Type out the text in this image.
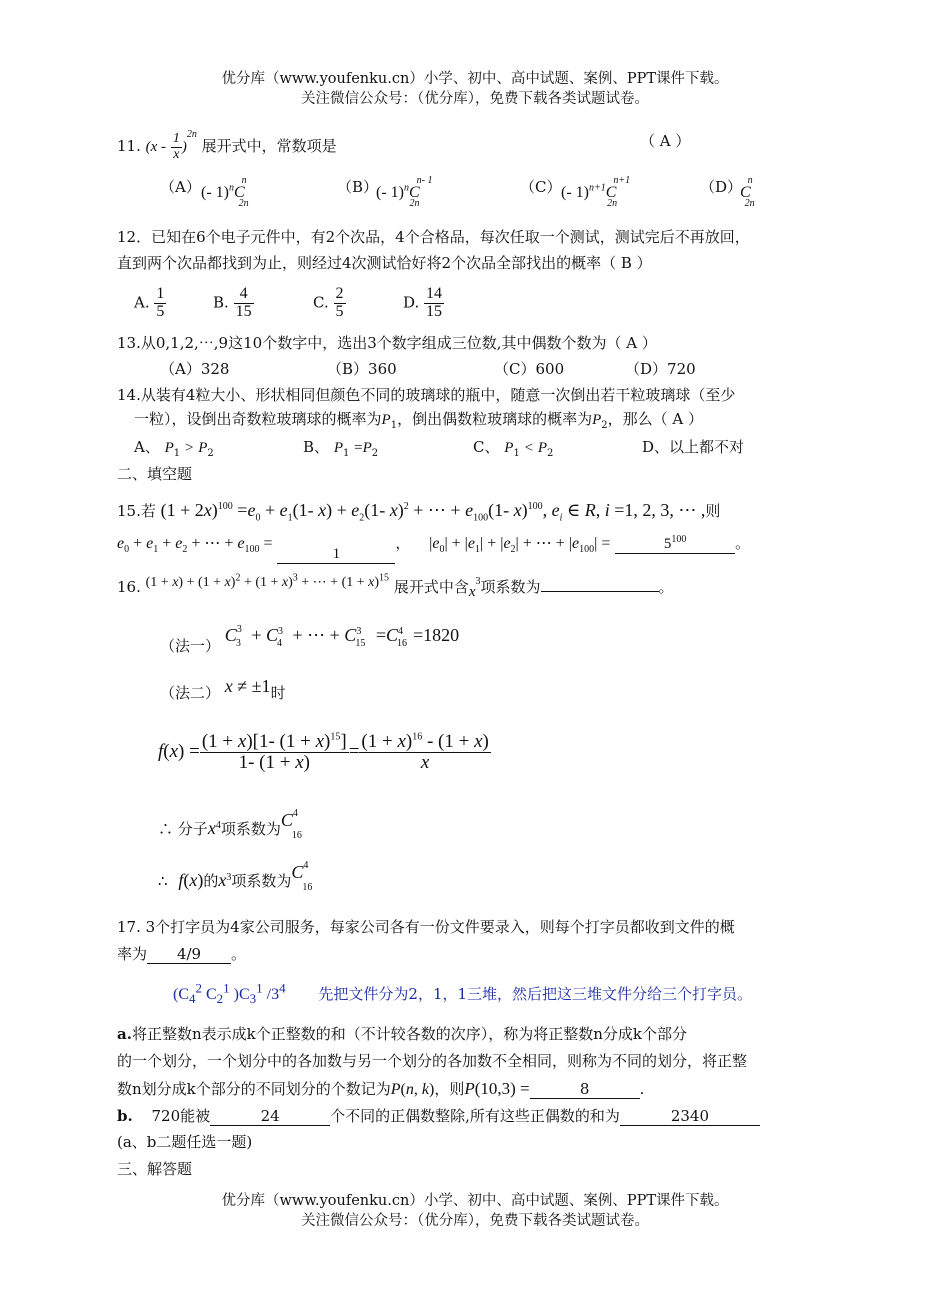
优分库（www.youfenku.cn）小学、初中、高中试题、案例、PPT课件下载。
关注微信公众号：（优分库），免费下载各类试题试卷。
11. $(x - \frac{1}{x} )^{2n}$ 展开式中，常数项是	（ A ）
（A） (- $1)^nC^n_{2n}$
（B）
(- $1)^nC^{n- 1}_{2n}$
（C） (- $1)^{n+1}C^{n+1}_{2n}$
（D）
$C^n_{2n}$
12．已知在6个电子元件中，有2个次品，4个合格品，每次任取一个测试，测试完后不再放回，
直到两个次品都找到为止，则经过4次测试恰好将2个次品全部找出的概率（ B ）
A. $\frac{1}{5}$	B. $\frac{4}{15}$	C. $\frac{2}{5}$	D. $\frac{14}{15}$
13.从0,1,2,⋯,9这10个数字中，选出3个数字组成三位数,其中偶数个数为（ A ）
（A）328	（B）360	（C）600	（D）720
14.从装有4粒大小、形状相同但颜色不同的玻璃球的瓶中，随意一次倒出若干粒玻璃球（至少
一粒），设倒出奇数粒玻璃球的概率为$P_1$，倒出偶数粒玻璃球的概率为$P_2$，那么（ A ）
A、 $P_1 > P_2$	B、 $P_1 =P_2$	C、 $P_1 < P_2$	D、以上都不对
二、填空题
15.若 $(1 + 2x)^{100} =e_0 + e_1(1-$ $x) + e_2(1-$ x)$^2$ + ⋯ + $e_{100}(1-$ x)$^{100}$, $e_i$ ∈ R, i =1, 2, 3, ⋯ ,则
$e_0 + e_1 + e_2$ + ⋯ + $e_{100} = 1$， $|e_0| + |e_1| + |e_2|$ + ⋯ + $|e_{100}|$ =	$5^{100}$	。
16. $(1 + x) + (1 + x)^2 + (1 + x)^3$ + ⋯ + $(1 + x)^{15}$ 展开式中含$x^3$项系数为	。
（法一） $C^3_3 + C^3_4$ + ⋯ + $C^3_{15} =C^4_{16} =1820$
（法二） x ≠ ±1时
$f(x) = \frac{(1 + x)[1- (1 + x)^{15}]}{1- (1 + x)} = \frac{(1 + x)^{16} - (1 + x)}{x}$
∴ 分子$x^4$项系数为$C^4_{16}$
∴ f(x)的$x^3$项系数为$C^4_{16}$
17. 3个打字员为4家公司服务，每家公司各有一份文件要录入，则每个打字员都收到文件的概
率为 4/9 。
($C_4^2$ $C_2^1$ )$C_3^1$ $/3^4$ 先把文件分为2，1，1三堆，然后把这三堆文件分给三个打字员。
a.将正整数n表示成k个正整数的和（不计较各数的次序），称为将正整数n分成k个部分
的一个划分，一个划分中的各加数与另一个划分的各加数不全相同，则称为不同的划分，将正整
数n划分成k个部分的不同划分的个数记为P(n, k)，则P(10,3) =	8	.
b. 720能被	24	个不同的正偶数整除,所有这些正偶数的和为	2340
(a、b二题任选一题)
三、解答题
优分库（www.youfenku.cn）小学、初中、高中试题、案例、PPT课件下载。
关注微信公众号：（优分库），免费下载各类试题试卷。
